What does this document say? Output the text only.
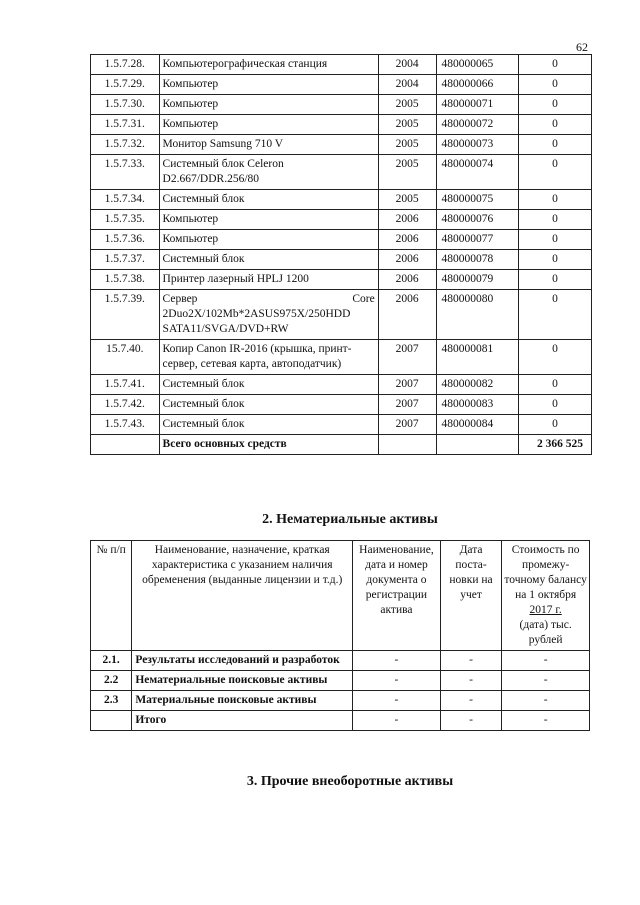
62
1.5.7.28.	Компьютерографическая станция	2004	480000065	0
1.5.7.29.	Компьютер	2004	480000066	0
1.5.7.30.	Компьютер	2005	480000071	0
1.5.7.31.	Компьютер	2005	480000072	0
1.5.7.32.	Монитор Samsung 710 V	2005	480000073	0
1.5.7.33.	Системный блок Celeron D2.667/DDR.256/80	2005	480000074	0
1.5.7.34.	Системный блок	2005	480000075	0
1.5.7.35.	Компьютер	2006	480000076	0
1.5.7.36.	Компьютер	2006	480000077	0
1.5.7.37.	Системный блок	2006	480000078	0
1.5.7.38.	Принтер лазерный HPLJ 1200	2006	480000079	0
1.5.7.39.	Сервер Core 2Duo2X/102Mb*2ASUS975X/250HDD SATA11/SVGA/DVD+RW	2006	480000080	0
15.7.40.	Копир Canon IR-2016 (крышка, принт-сервер, сетевая карта, автоподатчик)	2007	480000081	0
1.5.7.41.	Системный блок	2007	480000082	0
1.5.7.42.	Системный блок	2007	480000083	0
1.5.7.43.	Системный блок	2007	480000084	0
	Всего основных средств			2 366 525
2. Нематериальные активы
№ п/п	Наименование, назначение, краткая характеристика с указанием наличия обременения (выданные лицензии и т.д.)	Наименование, дата и номер документа о регистрации актива	Дата поста-новки на учет	Стоимость по промежу-точному балансу на 1 октября
2017 г.
(дата) тыс. рублей
2.1.	Результаты исследований и разработок	-	-	-
2.2	Нематериальные поисковые активы	-	-	-
2.3	Материальные поисковые активы	-	-	-
	Итого	-	-	-
3. Прочие внеоборотные активы
